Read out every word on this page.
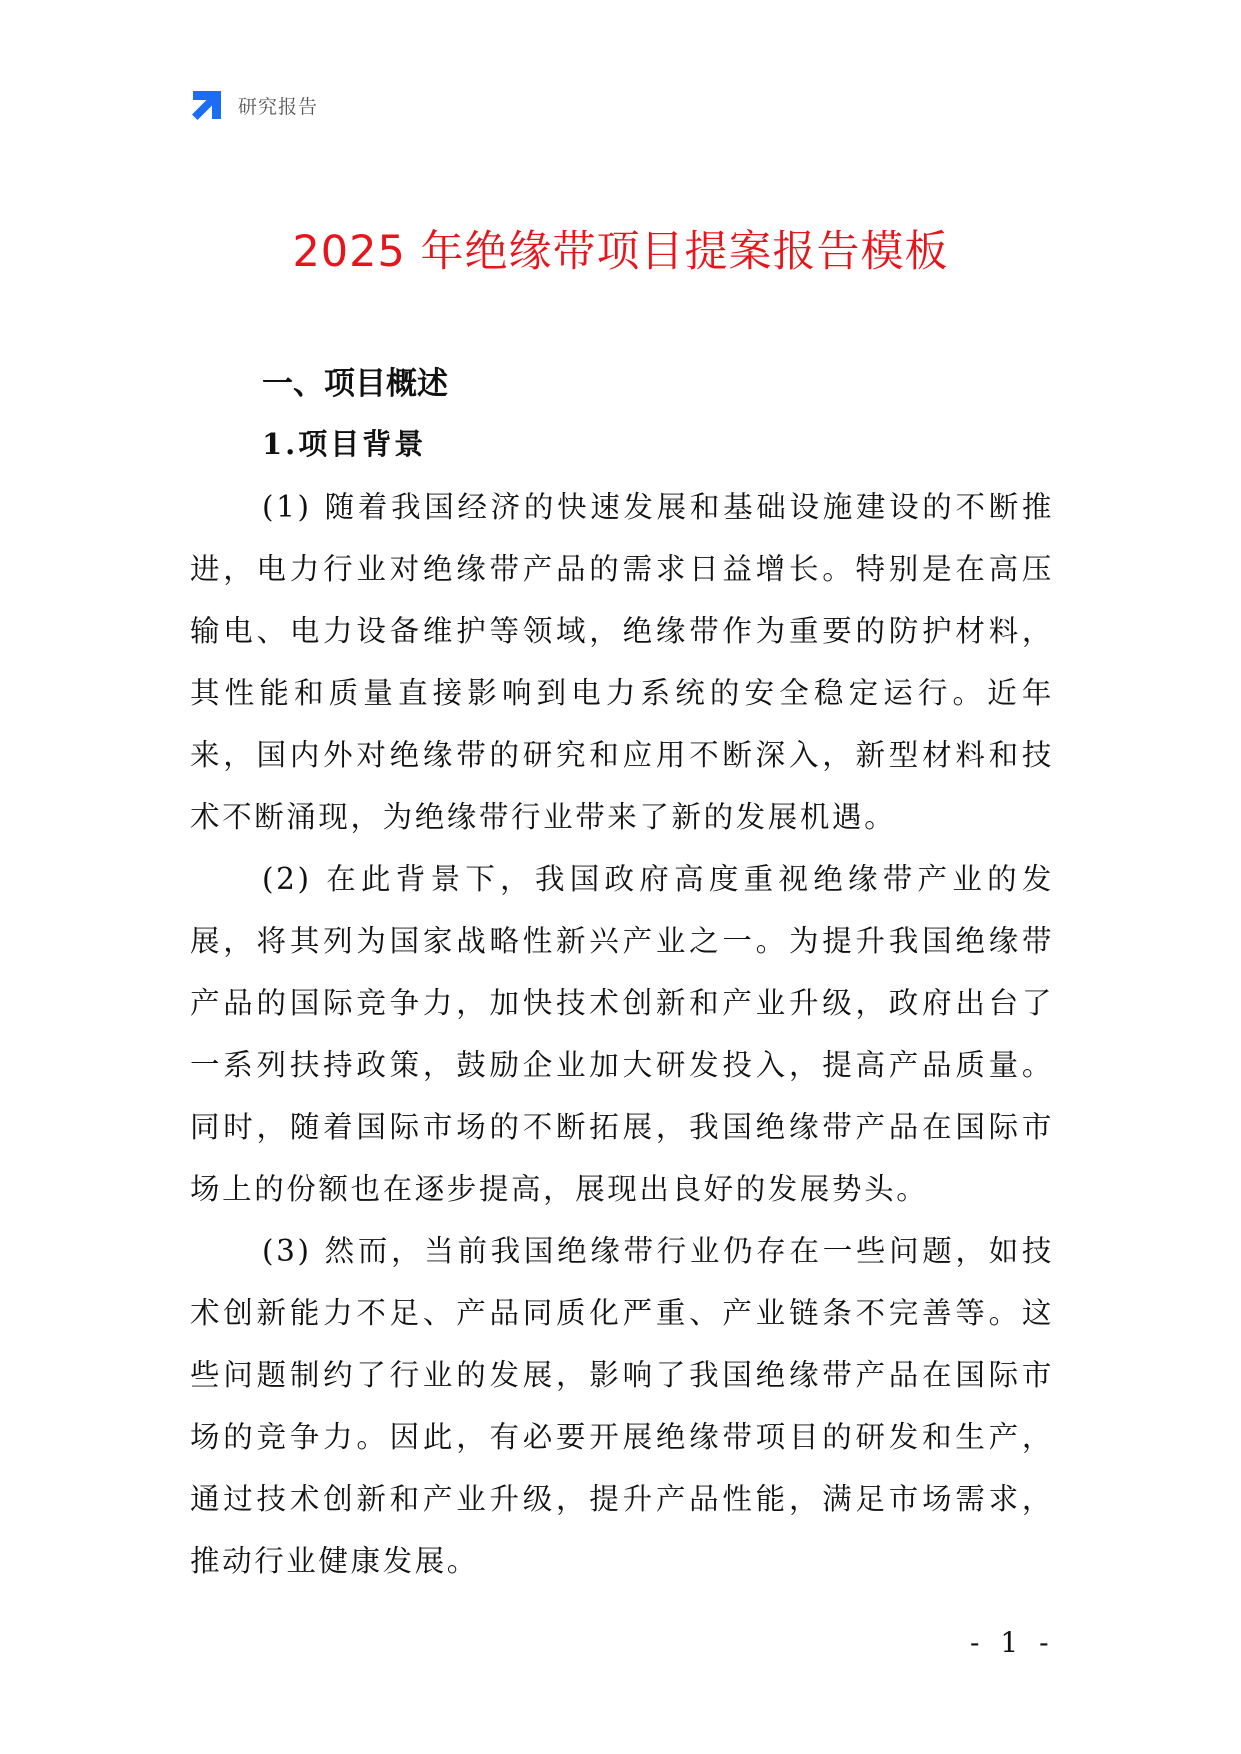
研究报告
2025 年绝缘带项目提案报告模板
一、项目概述
1.项目背景

(1) 随着我国经济的快速发展和基础设施建设的不断推进，电力行业对绝缘带产品的需求日益增长。特别是在高压输电、电力设备维护等领域，绝缘带作为重要的防护材料，其性能和质量直接影响到电力系统的安全稳定运行。近年来，国内外对绝缘带的研究和应用不断深入，新型材料和技术不断涌现，为绝缘带行业带来了新的发展机遇。

(2) 在此背景下，我国政府高度重视绝缘带产业的发展，将其列为国家战略性新兴产业之一。为提升我国绝缘带产品的国际竞争力，加快技术创新和产业升级，政府出台了一系列扶持政策，鼓励企业加大研发投入，提高产品质量。同时，随着国际市场的不断拓展，我国绝缘带产品在国际市场上的份额也在逐步提高，展现出良好的发展势头。

(3) 然而，当前我国绝缘带行业仍存在一些问题，如技术创新能力不足、产品同质化严重、产业链条不完善等。这些问题制约了行业的发展，影响了我国绝缘带产品在国际市场的竞争力。因此，有必要开展绝缘带项目的研发和生产，通过技术创新和产业升级，提升产品性能，满足市场需求，推动行业健康发展。

- 1 -
